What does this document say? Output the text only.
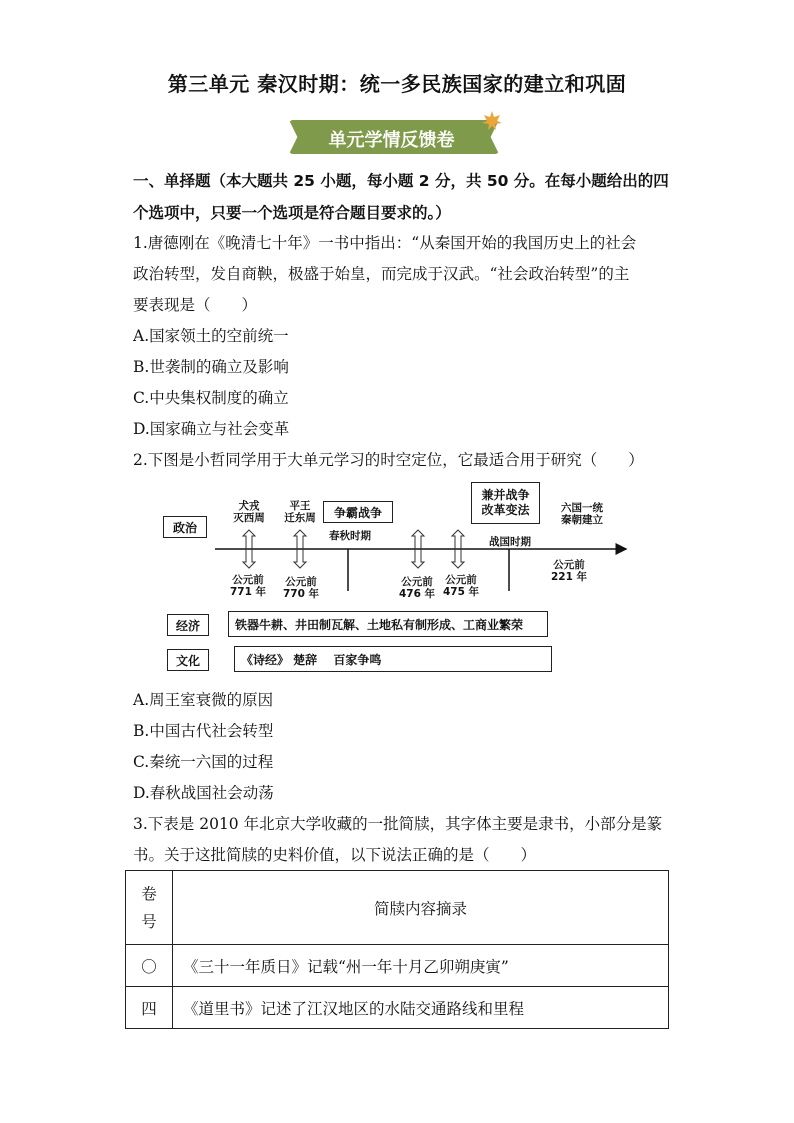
第三单元 秦汉时期：统一多民族国家的建立和巩固
单元学情反馈卷
一、单择题（本大题共 25 小题，每小题 2 分，共 50 分。在每小题给出的四
个选项中，只要一个选项是符合题目要求的。）
1.唐德刚在《晚清七十年》一书中指出：“从秦国开始的我国历史上的社会
政治转型，发自商鞅，极盛于始皇，而完成于汉武。“社会政治转型”的主
要表现是（　　）
A.国家领土的空前统一
B.世袭制的确立及影响
C.中央集权制度的确立
D.国家确立与社会变革
2.下图是小哲同学用于大单元学习的时空定位，它最适合用于研究（　　）
政治
犬戎
灭西周
平王
迁东周	争霸战争
春秋时期
兼并战争
改革变法
战国时期
六国一统
秦朝建立
公元前
771 年
公元前
770 年
公元前
476 年
公元前
475 年
公元前
221 年
经济	铁器牛耕、井田制瓦解、土地私有制形成、工商业繁荣
文化	《诗经》 楚辞　 百家争鸣
A.周王室衰微的原因
B.中国古代社会转型
C.秦统一六国的过程
D.春秋战国社会动荡
3.下表是 2010 年北京大学收藏的一批简牍，其字体主要是隶书，小部分是篆
书。关于这批简牍的史料价值，以下说法正确的是（　　）
卷
号	简牍内容摘录
〇	《三十一年质日》记载“州一年十月乙卯朔庚寅”
四	《道里书》记述了江汉地区的水陆交通路线和里程
